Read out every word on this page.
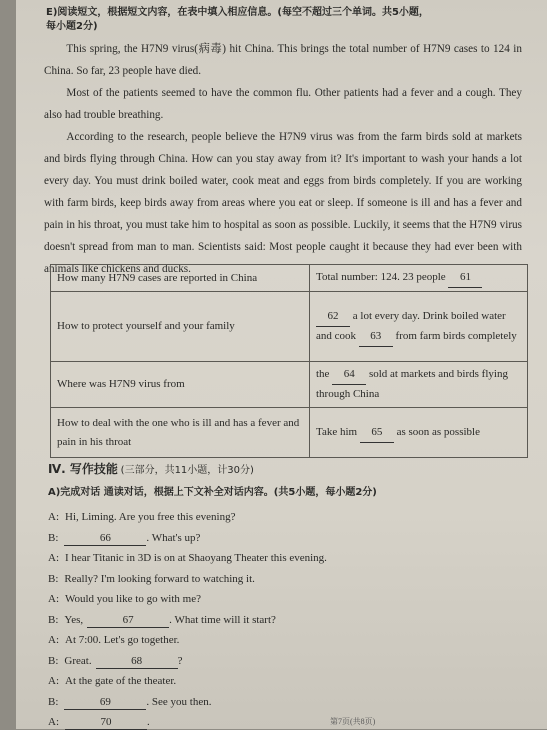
E)阅读短文，根据短文内容，在表中填入相应信息。(每空不超过三个单词。共5小题，
每小题2分)
This spring, the H7N9 virus(病毒) hit China. This brings the total number of H7N9 cases to 124 in China. So far, 23 people have died.
Most of the patients seemed to have the common flu. Other patients had a fever and a cough. They also had trouble breathing.
According to the research, people believe the H7N9 virus was from the farm birds sold at markets and birds flying through China. How can you stay away from it? It's important to wash your hands a lot every day. You must drink boiled water, cook meat and eggs from birds completely. If you are working with farm birds, keep birds away from areas where you eat or sleep. If someone is ill and has a fever and pain in his throat, you must take him to hospital as soon as possible. Luckily, it seems that the H7N9 virus doesn't spread from man to man. Scientists said: Most people caught it because they had ever been with animals like chickens and ducks.
How many H7N9 cases are reported in China	Total number: 124. 23 people 61
How to protect yourself and your family	62 a lot every day. Drink boiled water and cook 63 from farm birds completely
Where was H7N9 virus from	the 64 sold at markets and birds flying through China
How to deal with the one who is ill and has a fever and pain in his throat	Take him 65 as soon as possible
Ⅳ. 写作技能 (三部分，共11小题，计30分)
A)完成对话 通读对话，根据上下文补全对话内容。(共5小题，每小题2分)
A: Hi, Liming. Are you free this evening?
B:	66	. What's up?
A: I hear Titanic in 3D is on at Shaoyang Theater this evening.
B: Really? I'm looking forward to watching it.
A: Would you like to go with me?
B: Yes,	67	. What time will it start?
A: At 7:00. Let's go together.
B: Great.	68	?
A: At the gate of the theater.
B:	69	. See you then.
A:	70	.	第7页(共8页)
